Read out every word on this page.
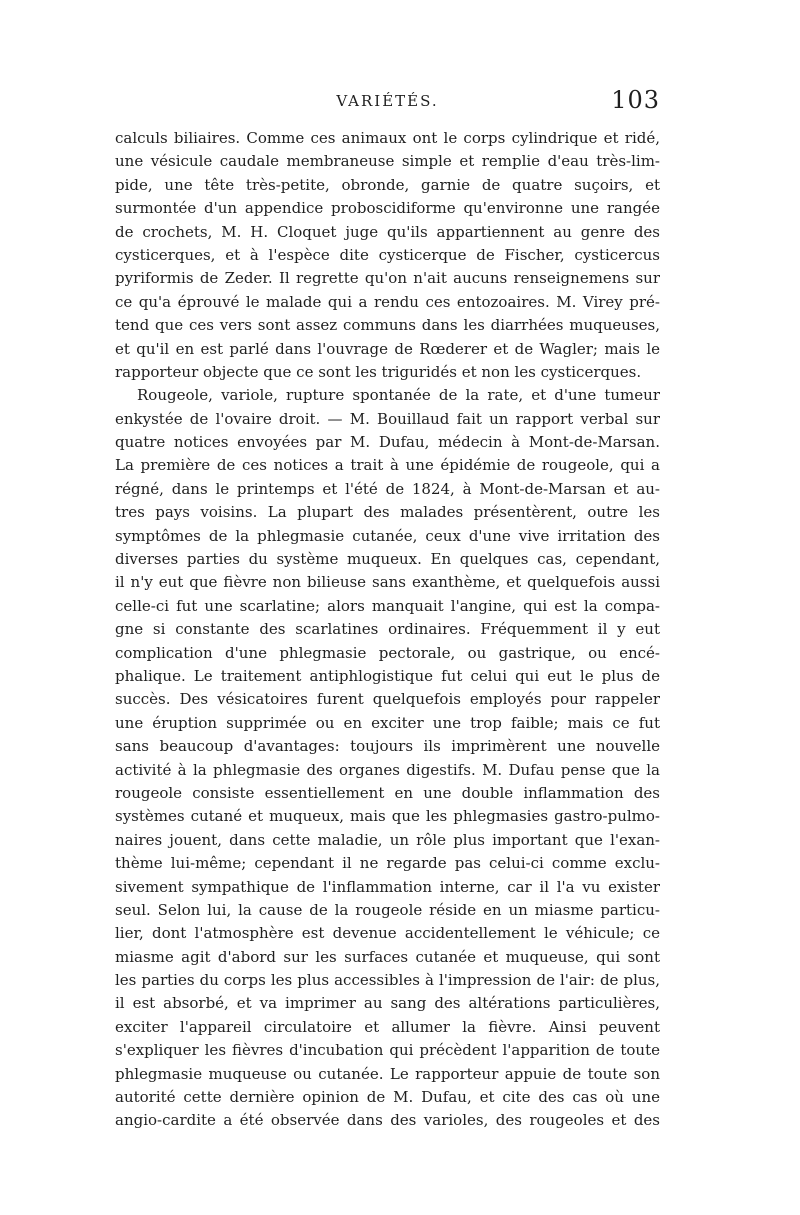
VARIÉTÉS.	103
calculs biliaires. Comme ces animaux ont le corps cylindrique et ridé,
une vésicule caudale membraneuse simple et remplie d'eau très-lim-
pide, une tête très-petite, obronde, garnie de quatre suçoirs, et
surmontée d'un appendice proboscidiforme qu'environne une rangée
de crochets, M. H. Cloquet juge qu'ils appartiennent au genre des
cysticerques, et à l'espèce dite cysticerque de Fischer, cysticercus
pyriformis de Zeder. Il regrette qu'on n'ait aucuns renseignemens sur
ce qu'a éprouvé le malade qui a rendu ces entozoaires. M. Virey pré-
tend que ces vers sont assez communs dans les diarrhées muqueuses,
et qu'il en est parlé dans l'ouvrage de Rœderer et de Wagler; mais le
rapporteur objecte que ce sont les triguridés et non les cysticerques.
Rougeole, variole, rupture spontanée de la rate, et d'une tumeur
enkystée de l'ovaire droit. — M. Bouillaud fait un rapport verbal sur
quatre notices envoyées par M. Dufau, médecin à Mont-de-Marsan.
La première de ces notices a trait à une épidémie de rougeole, qui a
régné, dans le printemps et l'été de 1824, à Mont-de-Marsan et au-
tres pays voisins. La plupart des malades présentèrent, outre les
symptômes de la phlegmasie cutanée, ceux d'une vive irritation des
diverses parties du système muqueux. En quelques cas, cependant,
il n'y eut que fièvre non bilieuse sans exanthème, et quelquefois aussi
celle-ci fut une scarlatine; alors manquait l'angine, qui est la compa-
gne si constante des scarlatines ordinaires. Fréquemment il y eut
complication d'une phlegmasie pectorale, ou gastrique, ou encé-
phalique. Le traitement antiphlogistique fut celui qui eut le plus de
succès. Des vésicatoires furent quelquefois employés pour rappeler
une éruption supprimée ou en exciter une trop faible; mais ce fut
sans beaucoup d'avantages: toujours ils imprimèrent une nouvelle
activité à la phlegmasie des organes digestifs. M. Dufau pense que la
rougeole consiste essentiellement en une double inflammation des
systèmes cutané et muqueux, mais que les phlegmasies gastro-pulmo-
naires jouent, dans cette maladie, un rôle plus important que l'exan-
thème lui-même; cependant il ne regarde pas celui-ci comme exclu-
sivement sympathique de l'inflammation interne, car il l'a vu exister
seul. Selon lui, la cause de la rougeole réside en un miasme particu-
lier, dont l'atmosphère est devenue accidentellement le véhicule; ce
miasme agit d'abord sur les surfaces cutanée et muqueuse, qui sont
les parties du corps les plus accessibles à l'impression de l'air: de plus,
il est absorbé, et va imprimer au sang des altérations particulières,
exciter l'appareil circulatoire et allumer la fièvre. Ainsi peuvent
s'expliquer les fièvres d'incubation qui précèdent l'apparition de toute
phlegmasie muqueuse ou cutanée. Le rapporteur appuie de toute son
autorité cette dernière opinion de M. Dufau, et cite des cas où une
angio-cardite a été observée dans des varioles, des rougeoles et des
